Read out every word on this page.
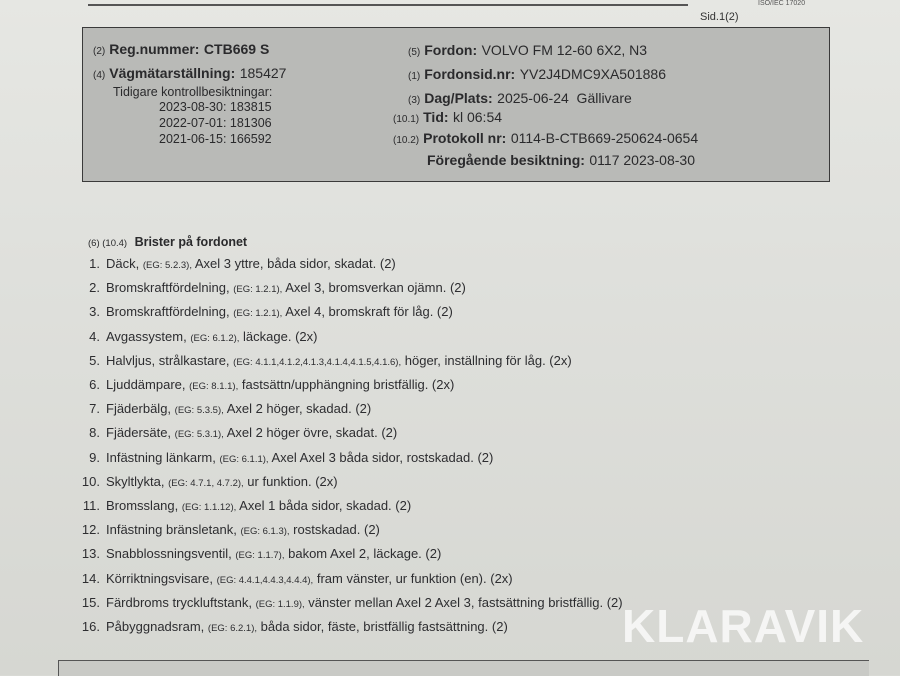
ISO/IEC 17020
Sid.1(2)
(2) Reg.nummer: CTB669 S
(4) Vägmätarställning: 185427
Tidigare kontrollbesiktningar:
2023-08-30: 183815
2022-07-01: 181306
2021-06-15: 166592
(5) Fordon: VOLVO FM 12-60 6X2, N3
(1) Fordonsid.nr: YV2J4DMC9XA501886
(3) Dag/Plats: 2025-06-24  Gällivare
(10.1) Tid: kl 06:54
(10.2) Protokoll nr: 0114-B-CTB669-250624-0654
Föregående besiktning: 0117 2023-08-30
(6) (10.4) Brister på fordonet
1. Däck, (EG: 5.2.3), Axel 3 yttre, båda sidor, skadat. (2)
2. Bromskraftfördelning, (EG: 1.2.1), Axel 3, bromsverkan ojämn. (2)
3. Bromskraftfördelning, (EG: 1.2.1), Axel 4, bromskraft för låg. (2)
4. Avgassystem, (EG: 6.1.2), läckage. (2x)
5. Halvljus, strålkastare, (EG: 4.1.1,4.1.2,4.1.3,4.1.4,4.1.5,4.1.6), höger, inställning för låg. (2x)
6. Ljuddämpare, (EG: 8.1.1), fastsättn/upphängning bristfällig. (2x)
7. Fjäderbälg, (EG: 5.3.5), Axel 2 höger, skadad. (2)
8. Fjädersäte, (EG: 5.3.1), Axel 2 höger övre, skadat. (2)
9. Infästning länkarm, (EG: 6.1.1), Axel Axel 3 båda sidor, rostskadad. (2)
10. Skyltlykta, (EG: 4.7.1, 4.7.2), ur funktion. (2x)
11. Bromsslang, (EG: 1.1.12), Axel 1 båda sidor, skadad. (2)
12. Infästning bränsletank, (EG: 6.1.3), rostskadad. (2)
13. Snabblossningsventil, (EG: 1.1.7), bakom Axel 2, läckage. (2)
14. Körriktningsvisare, (EG: 4.4.1,4.4.3,4.4.4), fram vänster, ur funktion (en). (2x)
15. Färdbroms tryckluftstank, (EG: 1.1.9), vänster mellan Axel 2 Axel 3, fastsättning bristfällig. (2)
16. Påbyggnadsram, (EG: 6.2.1), båda sidor, fäste, bristfällig fastsättning. (2) KLARAVIK
